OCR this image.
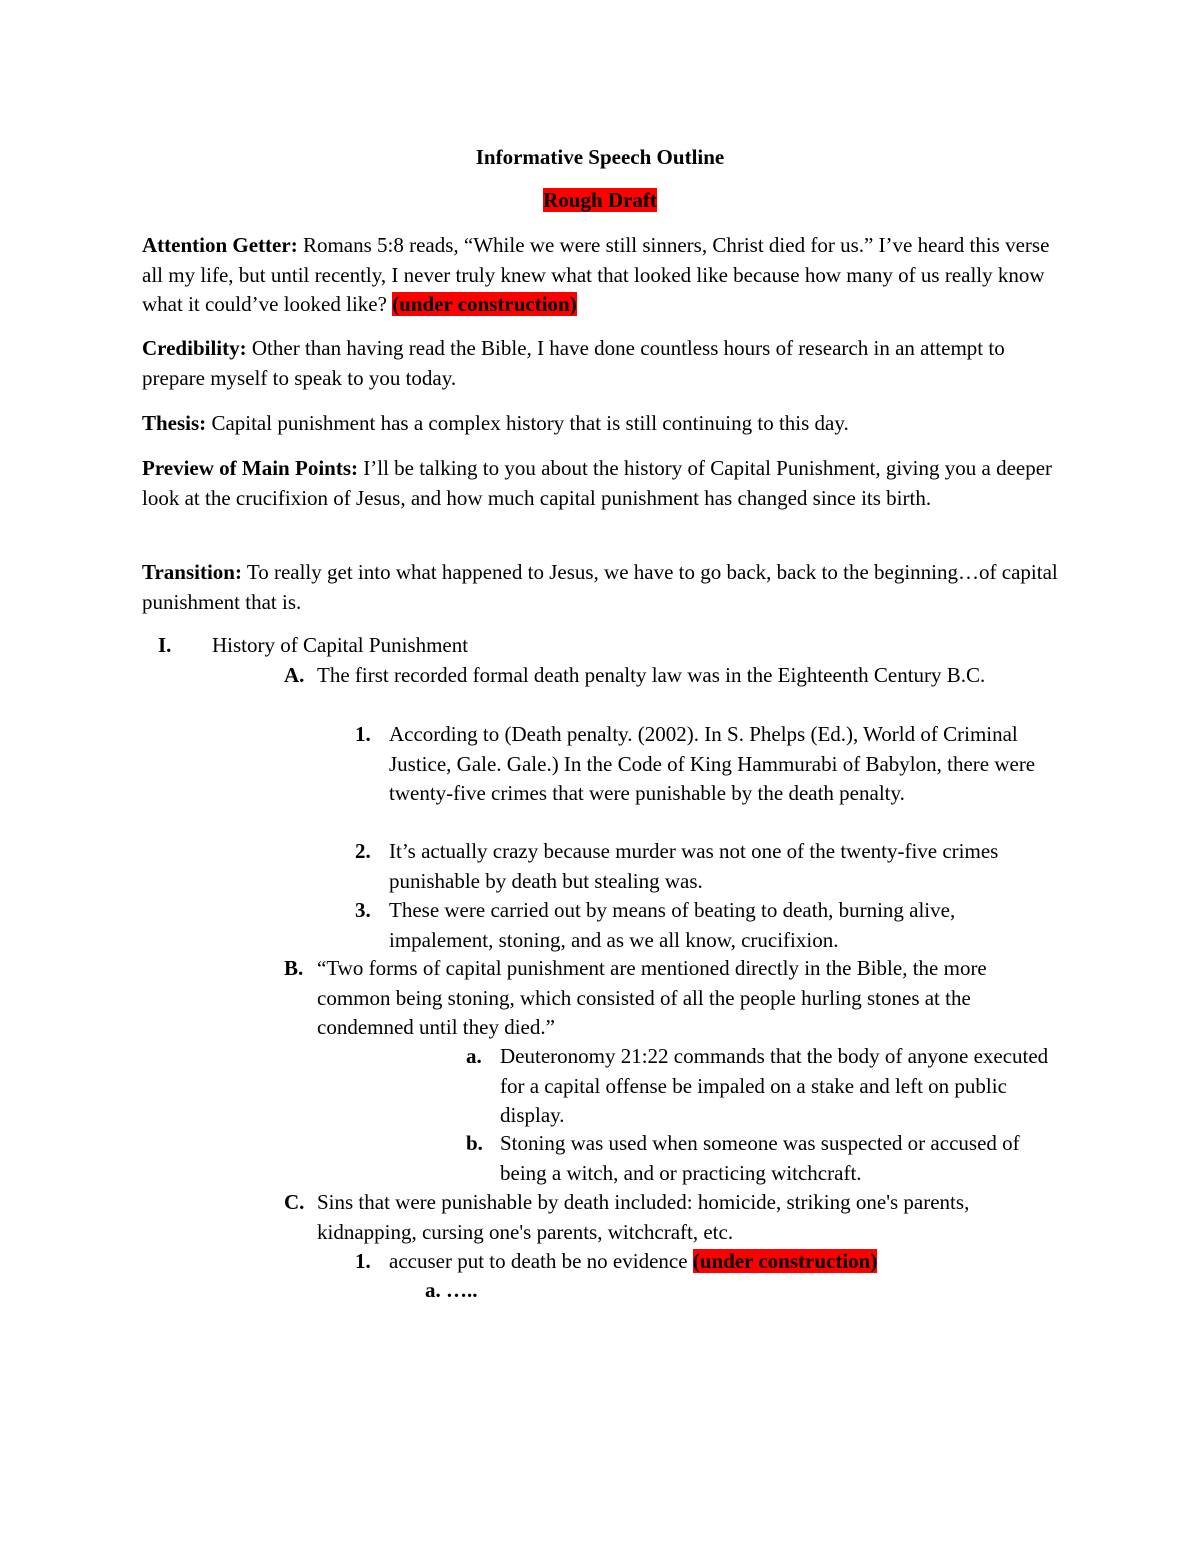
Informative Speech Outline
Rough Draft
Attention Getter: Romans 5:8 reads, “While we were still sinners, Christ died for us.” I’ve heard this verse all my life, but until recently, I never truly knew what that looked like because how many of us really know what it could’ve looked like? (under construction)
Credibility: Other than having read the Bible, I have done countless hours of research in an attempt to prepare myself to speak to you today.
Thesis: Capital punishment has a complex history that is still continuing to this day.
Preview of Main Points: I’ll be talking to you about the history of Capital Punishment, giving you a deeper look at the crucifixion of Jesus, and how much capital punishment has changed since its birth.
Transition: To really get into what happened to Jesus, we have to go back, back to the beginning…of capital punishment that is.
I. History of Capital Punishment
A. The first recorded formal death penalty law was in the Eighteenth Century B.C.
1. According to (Death penalty. (2002). In S. Phelps (Ed.), World of Criminal Justice, Gale. Gale.) In the Code of King Hammurabi of Babylon, there were twenty-five crimes that were punishable by the death penalty.
2. It’s actually crazy because murder was not one of the twenty-five crimes punishable by death but stealing was.
3. These were carried out by means of beating to death, burning alive, impalement, stoning, and as we all know, crucifixion.
B. “Two forms of capital punishment are mentioned directly in the Bible, the more common being stoning, which consisted of all the people hurling stones at the condemned until they died.”
a. Deuteronomy 21:22 commands that the body of anyone executed for a capital offense be impaled on a stake and left on public display.
b. Stoning was used when someone was suspected or accused of being a witch, and or practicing witchcraft.
C. Sins that were punishable by death included: homicide, striking one's parents, kidnapping, cursing one's parents, witchcraft, etc.
1. accuser put to death be no evidence (under construction)
a. …..
